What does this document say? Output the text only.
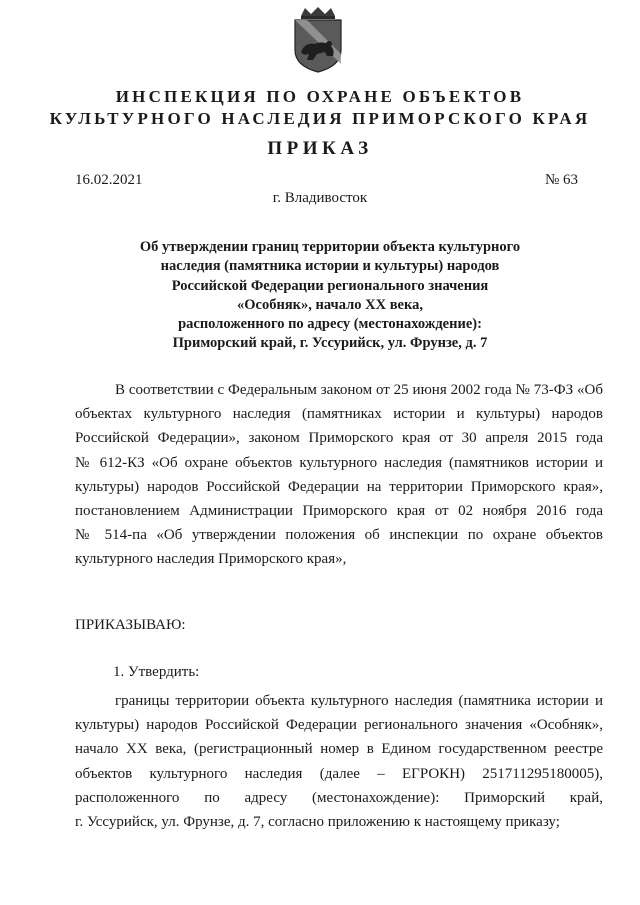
ИНСПЕКЦИЯ ПО ОХРАНЕ ОБЪЕКТОВ
КУЛЬТУРНОГО НАСЛЕДИЯ ПРИМОРСКОГО КРАЯ
ПРИКАЗ
16.02.2021	№ 63
г. Владивосток
Об утверждении границ территории объекта культурного
наследия (памятника истории и культуры) народов
Российской Федерации регионального значения
«Особняк», начало XX века,
расположенного по адресу (местонахождение):
Приморский край, г. Уссурийск, ул. Фрунзе, д. 7
В соответствии с Федеральным законом от 25 июня 2002 года № 73-ФЗ «Об
объектах культурного наследия (памятниках истории и культуры) народов
Российской Федерации», законом Приморского края от 30 апреля 2015 года
№ 612-КЗ «Об охране объектов культурного наследия (памятников истории и
культуры) народов Российской Федерации на территории Приморского края»,
постановлением Администрации Приморского края от 02 ноября 2016 года
№ 514-па «Об утверждении положения об инспекции по охране объектов
культурного наследия Приморского края»,
ПРИКАЗЫВАЮ:
1. Утвердить:
границы территории объекта культурного наследия (памятника истории и
культуры) народов Российской Федерации регионального значения «Особняк»,
начало XX века, (регистрационный номер в Едином государственном реестре
объектов культурного наследия (далее – ЕГРОКН) 251711295180005),
расположенного по адресу (местонахождение): Приморский край,
г. Уссурийск, ул. Фрунзе, д. 7, согласно приложению к настоящему приказу;
